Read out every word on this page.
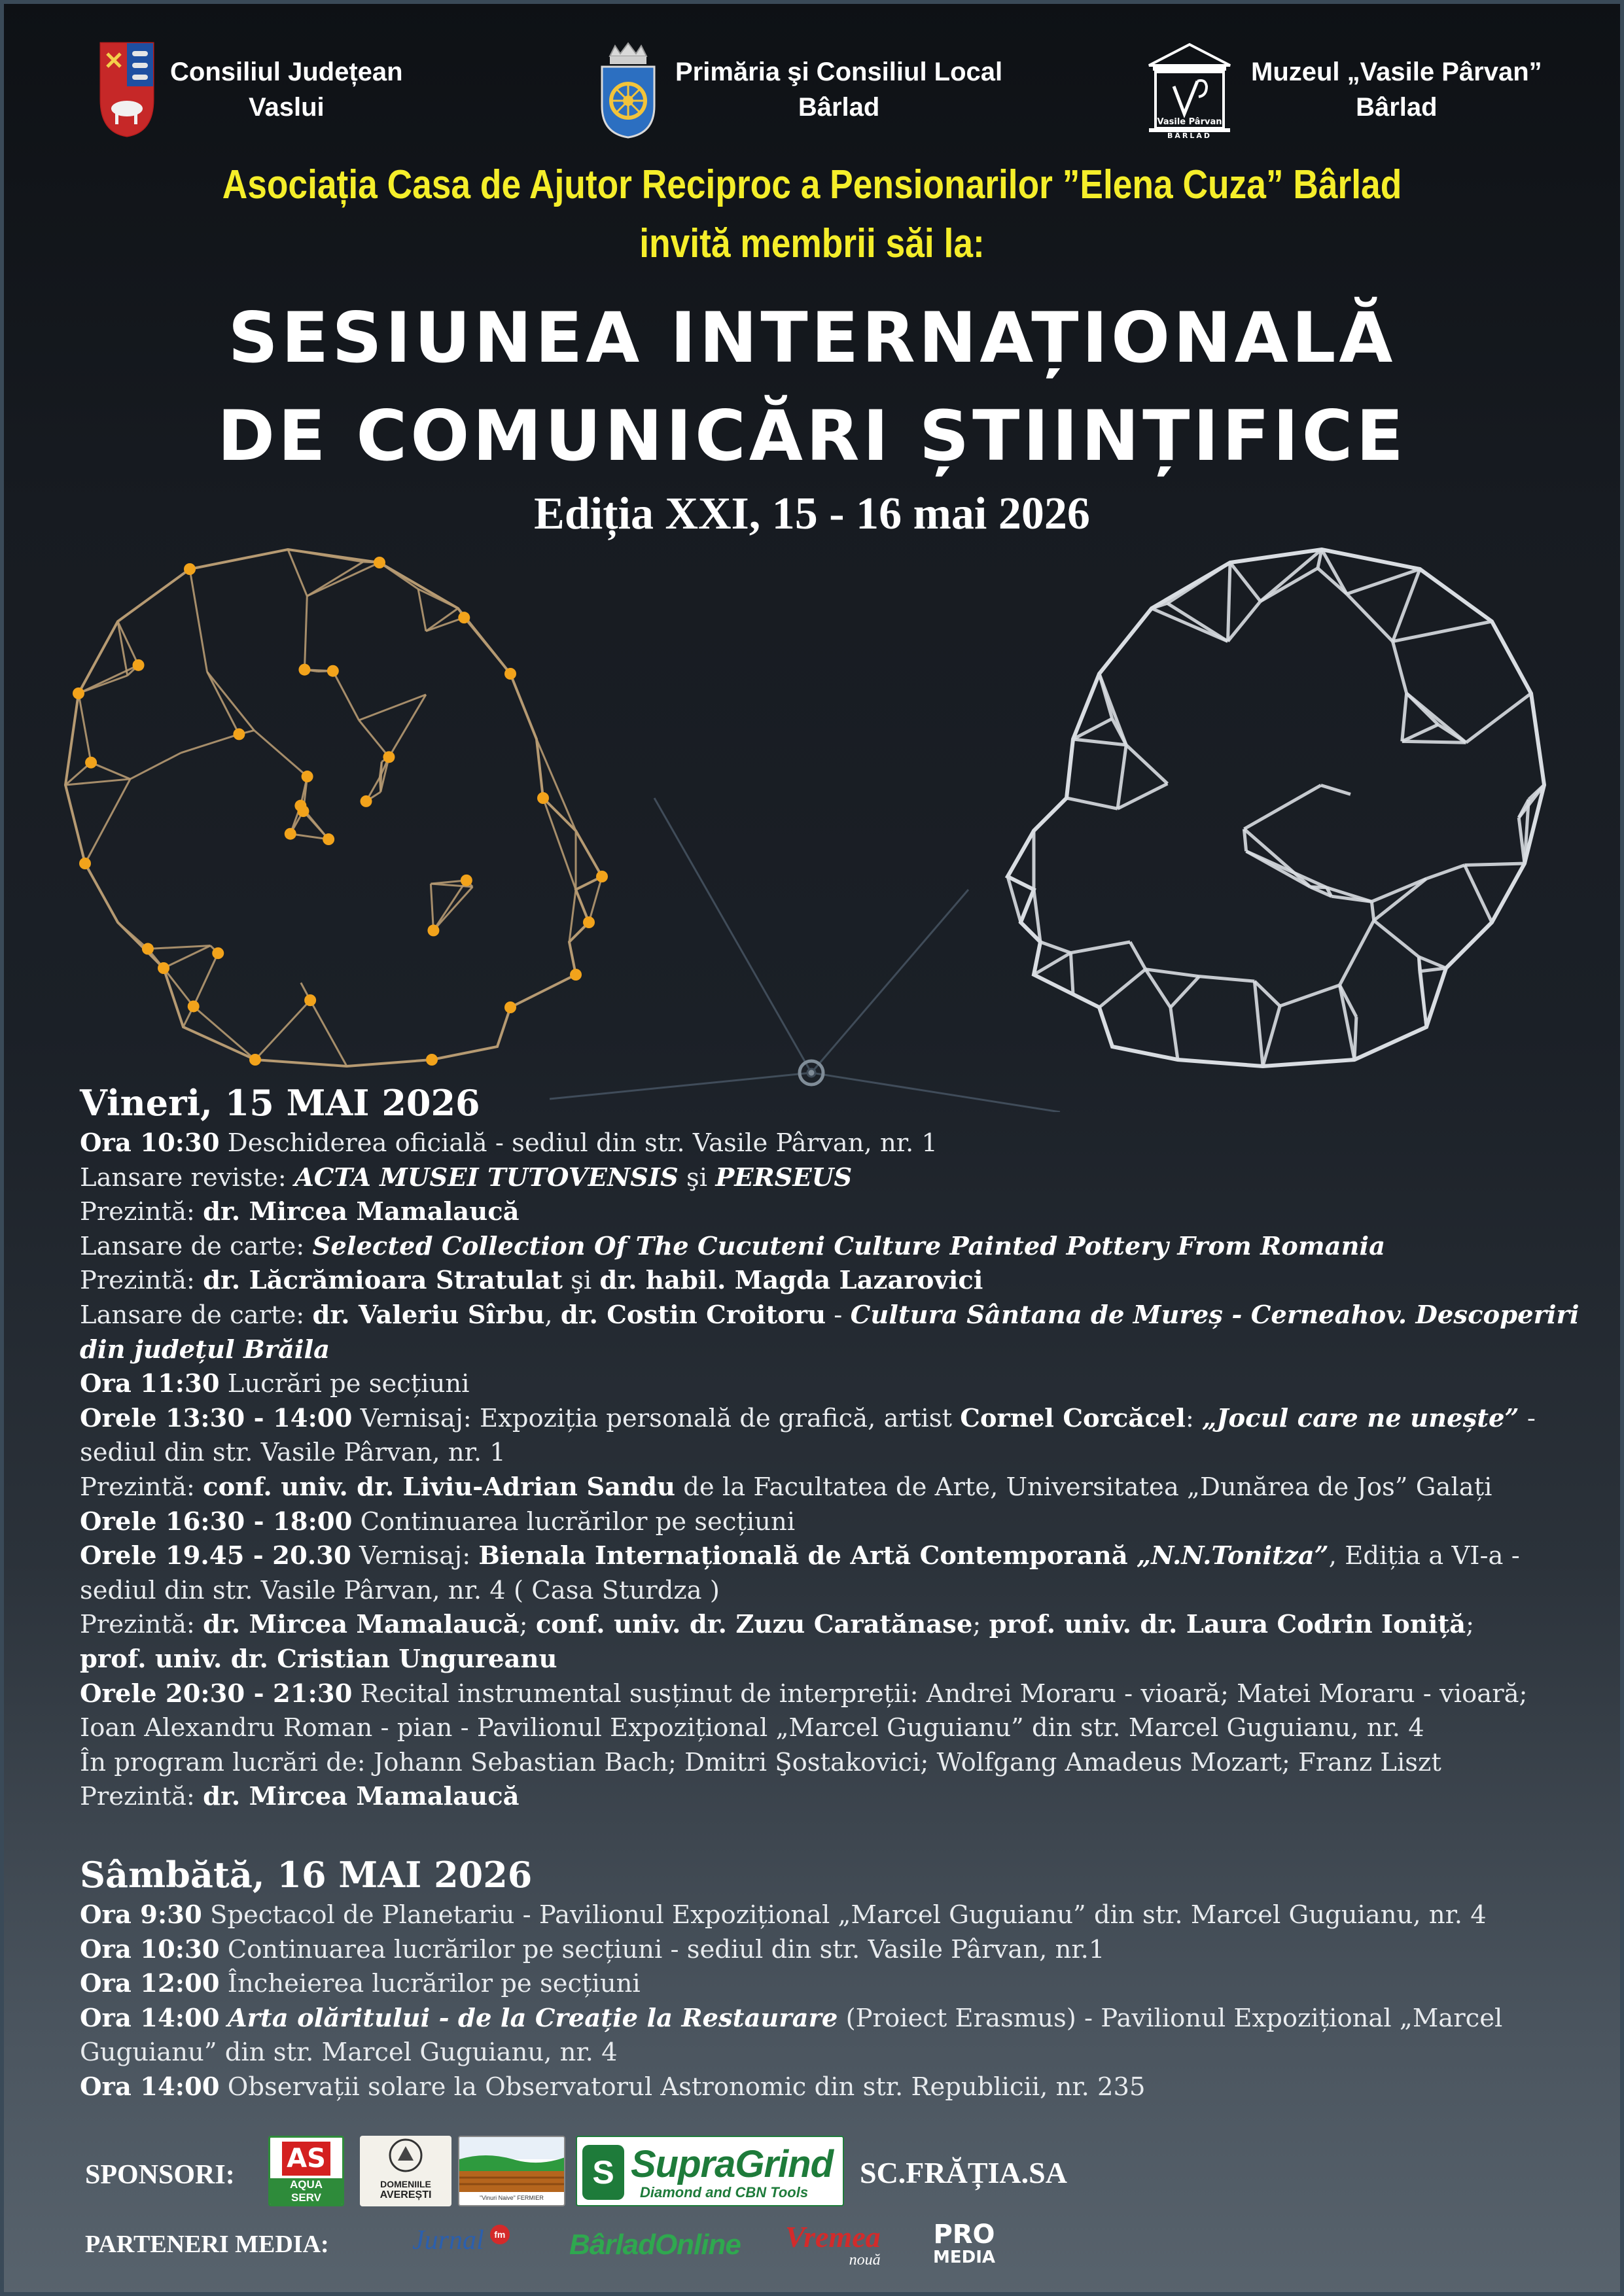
Consiliul Județean
Vaslui
Primăria şi Consiliul Local
Bârlad
Vasile Pârvan
BÂRLAD
Muzeul „Vasile Pârvan”
Bârlad
Asociația Casa de Ajutor Reciproc a Pensionarilor ”Elena Cuza” Bârlad
invită membrii săi la:
SESIUNEA INTERNAȚIONALĂ
DE COMUNICĂRI ȘTIINȚIFICE
Ediția XXI, 15 - 16 mai 2026
Vineri, 15 MAI 2026
Ora 10:30 Deschiderea oficială - sediul din str. Vasile Pârvan, nr. 1
Lansare reviste: ACTA MUSEI TUTOVENSIS şi PERSEUS
Prezintă: dr. Mircea Mamalaucă
Lansare de carte: Selected Collection Of The Cucuteni Culture Painted Pottery From Romania
Prezintă: dr. Lăcrămioara Stratulat şi dr. habil. Magda Lazarovici
Lansare de carte: dr. Valeriu Sîrbu, dr. Costin Croitoru - Cultura Sântana de Mureș - Cerneahov. Descoperiri
din județul Brăila
Ora 11:30 Lucrări pe secțiuni
Orele 13:30 - 14:00 Vernisaj: Expoziția personală de grafică, artist Cornel Corcăcel: „Jocul care ne unește” -
sediul din str. Vasile Pârvan, nr. 1
Prezintă: conf. univ. dr. Liviu-Adrian Sandu de la Facultatea de Arte, Universitatea „Dunărea de Jos” Galați
Orele 16:30 - 18:00 Continuarea lucrărilor pe secțiuni
Orele 19.45 - 20.30 Vernisaj: Bienala Internațională de Artă Contemporană „N.N.Tonitza”, Ediția a VI-a -
sediul din str. Vasile Pârvan, nr. 4 ( Casa Sturdza )
Prezintă: dr. Mircea Mamalaucă; conf. univ. dr. Zuzu Caratănase; prof. univ. dr. Laura Codrin Ioniță;
prof. univ. dr. Cristian Ungureanu
Orele 20:30 - 21:30 Recital instrumental susținut de interpreții: Andrei Moraru - vioară; Matei Moraru - vioară;
Ioan Alexandru Roman - pian - Pavilionul Expozițional „Marcel Guguianu” din str. Marcel Guguianu, nr. 4
În program lucrări de: Johann Sebastian Bach; Dmitri Şostakovici; Wolfgang Amadeus Mozart; Franz Liszt
Prezintă: dr. Mircea Mamalaucă
Sâmbătă, 16 MAI 2026
Ora 9:30 Spectacol de Planetariu - Pavilionul Expozițional „Marcel Guguianu” din str. Marcel Guguianu, nr. 4
Ora 10:30 Continuarea lucrărilor pe secțiuni - sediul din str. Vasile Pârvan, nr.1
Ora 12:00 Încheierea lucrărilor pe secțiuni
Ora 14:00 Arta olăritului - de la Creație la Restaurare (Proiect Erasmus) - Pavilionul Expozițional „Marcel
Guguianu” din str. Marcel Guguianu, nr. 4
Ora 14:00 Observații solare la Observatorul Astronomic din str. Republicii, nr. 235
SPONSORI:
AS
AQUA
SERV
DOMENIILE
AVEREȘTI	"Vinuri Naive" FERMIER
S SupraGrind
Diamond and CBN Tools
SC.FRĂȚIA.SA
PARTENERI MEDIA:	Jurnal fm BârladOnline Vremea
nouă
PRO
MEDIA
